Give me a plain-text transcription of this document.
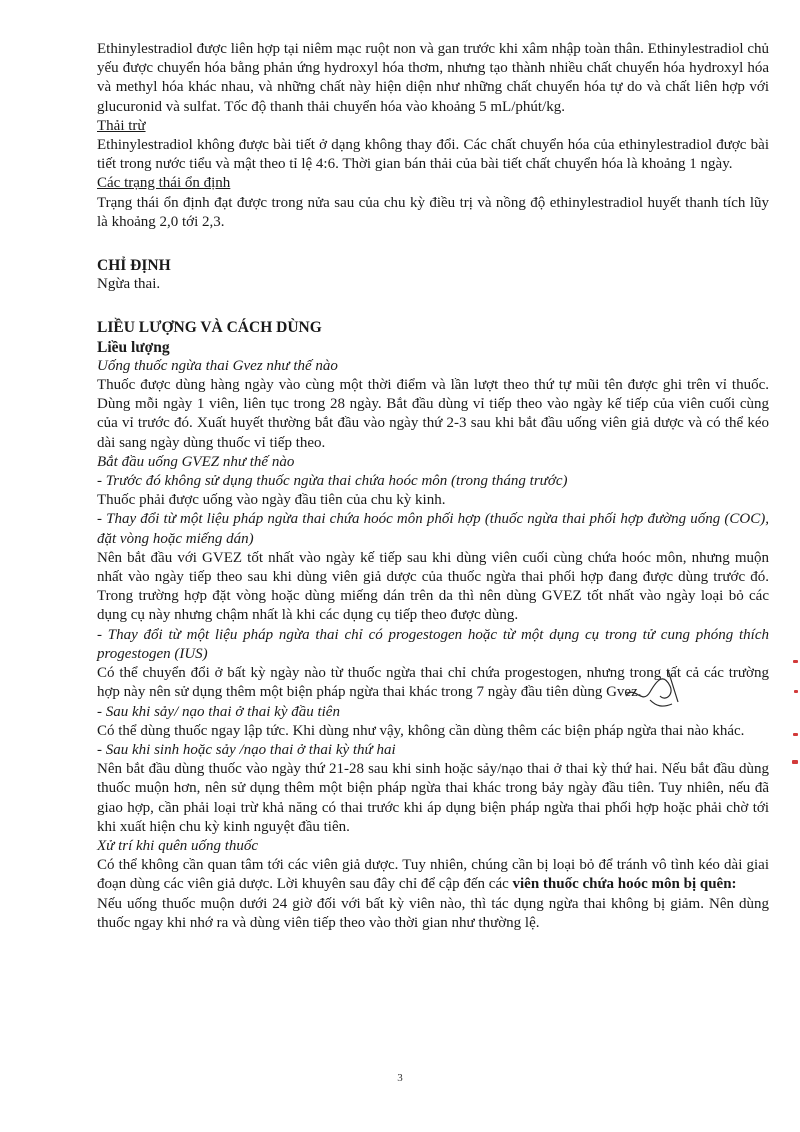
Ethinylestradiol được liên hợp tại niêm mạc ruột non và gan trước khi xâm nhập toàn thân. Ethinylestradiol chủ yếu được chuyển hóa bằng phản ứng hydroxyl hóa thơm, nhưng tạo thành nhiều chất chuyển hóa hydroxyl hóa và methyl hóa khác nhau, và những chất này hiện diện như những chất chuyển hóa tự do và chất liên hợp với glucuronid và sulfat. Tốc độ thanh thải chuyển hóa vào khoảng 5 mL/phút/kg.

Thải trừ

Ethinylestradiol không được bài tiết ở dạng không thay đổi. Các chất chuyển hóa của ethinylestradiol được bài tiết trong nước tiểu và mật theo tỉ lệ 4:6. Thời gian bán thải của bài tiết chất chuyển hóa là khoảng 1 ngày.

Các trạng thái ổn định

Trạng thái ổn định đạt được trong nửa sau của chu kỳ điều trị và nồng độ ethinylestradiol huyết thanh tích lũy là khoảng 2,0 tới 2,3.

CHỈ ĐỊNH

Ngừa thai.

LIỀU LƯỢNG VÀ CÁCH DÙNG

Liều lượng

Uống thuốc ngừa thai Gvez như thế nào

Thuốc được dùng hàng ngày vào cùng một thời điểm và lần lượt theo thứ tự mũi tên được ghi trên vỉ thuốc. Dùng mỗi ngày 1 viên, liên tục trong 28 ngày. Bắt đầu dùng vỉ tiếp theo vào ngày kế tiếp của viên cuối cùng của vỉ trước đó. Xuất huyết thường bắt đầu vào ngày thứ 2-3 sau khi bắt đầu uống viên giả dược và có thể kéo dài sang ngày dùng thuốc vỉ tiếp theo.

Bắt đầu uống GVEZ như thế nào

- Trước đó không sử dụng thuốc ngừa thai chứa hoóc môn (trong tháng trước)

Thuốc phải được uống vào ngày đầu tiên của chu kỳ kinh.

- Thay đổi từ một liệu pháp ngừa thai chứa hoóc môn phối hợp (thuốc ngừa thai phối hợp đường uống (COC), đặt vòng hoặc miếng dán)

Nên bắt đầu với GVEZ tốt nhất vào ngày kế tiếp sau khi dùng viên cuối cùng chứa hoóc môn, nhưng muộn nhất vào ngày tiếp theo sau khi dùng viên giả dược của thuốc ngừa thai phối hợp đang được dùng trước đó. Trong trường hợp đặt vòng hoặc dùng miếng dán trên da thì nên dùng GVEZ tốt nhất vào ngày loại bỏ các dụng cụ này nhưng chậm nhất là khi các dụng cụ tiếp theo được dùng.

- Thay đổi từ một liệu pháp ngừa thai chỉ có progestogen hoặc từ một dụng cụ trong tử cung phóng thích progestogen (IUS)

Có thể chuyển đổi ở bất kỳ ngày nào từ thuốc ngừa thai chỉ chứa progestogen, nhưng trong tất cả các trường hợp này nên sử dụng thêm một biện pháp ngừa thai khác trong 7 ngày đầu tiên dùng Gvez.

- Sau khi sảy/ nạo thai ở thai kỳ đầu tiên

Có thể dùng thuốc ngay lập tức. Khi dùng như vậy, không cần dùng thêm các biện pháp ngừa thai nào khác.

- Sau khi sinh hoặc sảy /nạo thai ở thai kỳ thứ hai

Nên bắt đầu dùng thuốc vào ngày thứ 21-28 sau khi sinh hoặc sảy/nạo thai ở thai kỳ thứ hai. Nếu bắt đầu dùng thuốc muộn hơn, nên sử dụng thêm một biện pháp ngừa thai khác trong bảy ngày đầu tiên. Tuy nhiên, nếu đã giao hợp, cần phải loại trừ khả năng có thai trước khi áp dụng biện pháp ngừa thai phối hợp hoặc phải chờ tới khi xuất hiện chu kỳ kinh nguyệt đầu tiên.

Xử trí khi quên uống thuốc

Có thể không cần quan tâm tới các viên giả dược. Tuy nhiên, chúng cần bị loại bỏ để tránh vô tình kéo dài giai đoạn dùng các viên giả dược. Lời khuyên sau đây chỉ để cập đến các viên thuốc chứa hoóc môn bị quên:

Nếu uống thuốc muộn dưới 24 giờ đối với bất kỳ viên nào, thì tác dụng ngừa thai không bị giảm. Nên dùng thuốc ngay khi nhớ ra và dùng viên tiếp theo vào thời gian như thường lệ.

3
